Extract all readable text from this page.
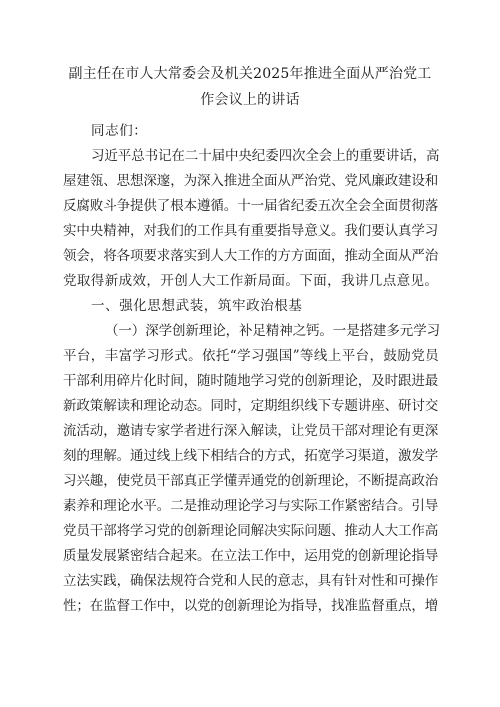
副主任在市人大常委会及机关2025年推进全面从严治党工
作会议上的讲话
同志们：
习近平总书记在二十届中央纪委四次全会上的重要讲话，高
屋建瓴、思想深邃，为深入推进全面从严治党、党风廉政建设和
反腐败斗争提供了根本遵循。十一届省纪委五次全会全面贯彻落
实中央精神，对我们的工作具有重要指导意义。我们要认真学习
领会，将各项要求落实到人大工作的方方面面，推动全面从严治
党取得新成效，开创人大工作新局面。下面，我讲几点意见。
一、强化思想武装，筑牢政治根基
（一）深学创新理论，补足精神之钙。一是搭建多元学习
平台，丰富学习形式。依托“学习强国”等线上平台，鼓励党员
干部利用碎片化时间，随时随地学习党的创新理论，及时跟进最
新政策解读和理论动态。同时，定期组织线下专题讲座、研讨交
流活动，邀请专家学者进行深入解读，让党员干部对理论有更深
刻的理解。通过线上线下相结合的方式，拓宽学习渠道，激发学
习兴趣，使党员干部真正学懂弄通党的创新理论，不断提高政治
素养和理论水平。二是推动理论学习与实际工作紧密结合。引导
党员干部将学习党的创新理论同解决实际问题、推动人大工作高
质量发展紧密结合起来。在立法工作中，运用党的创新理论指导
立法实践，确保法规符合党和人民的意志，具有针对性和可操作
性；在监督工作中，以党的创新理论为指导，找准监督重点，增
